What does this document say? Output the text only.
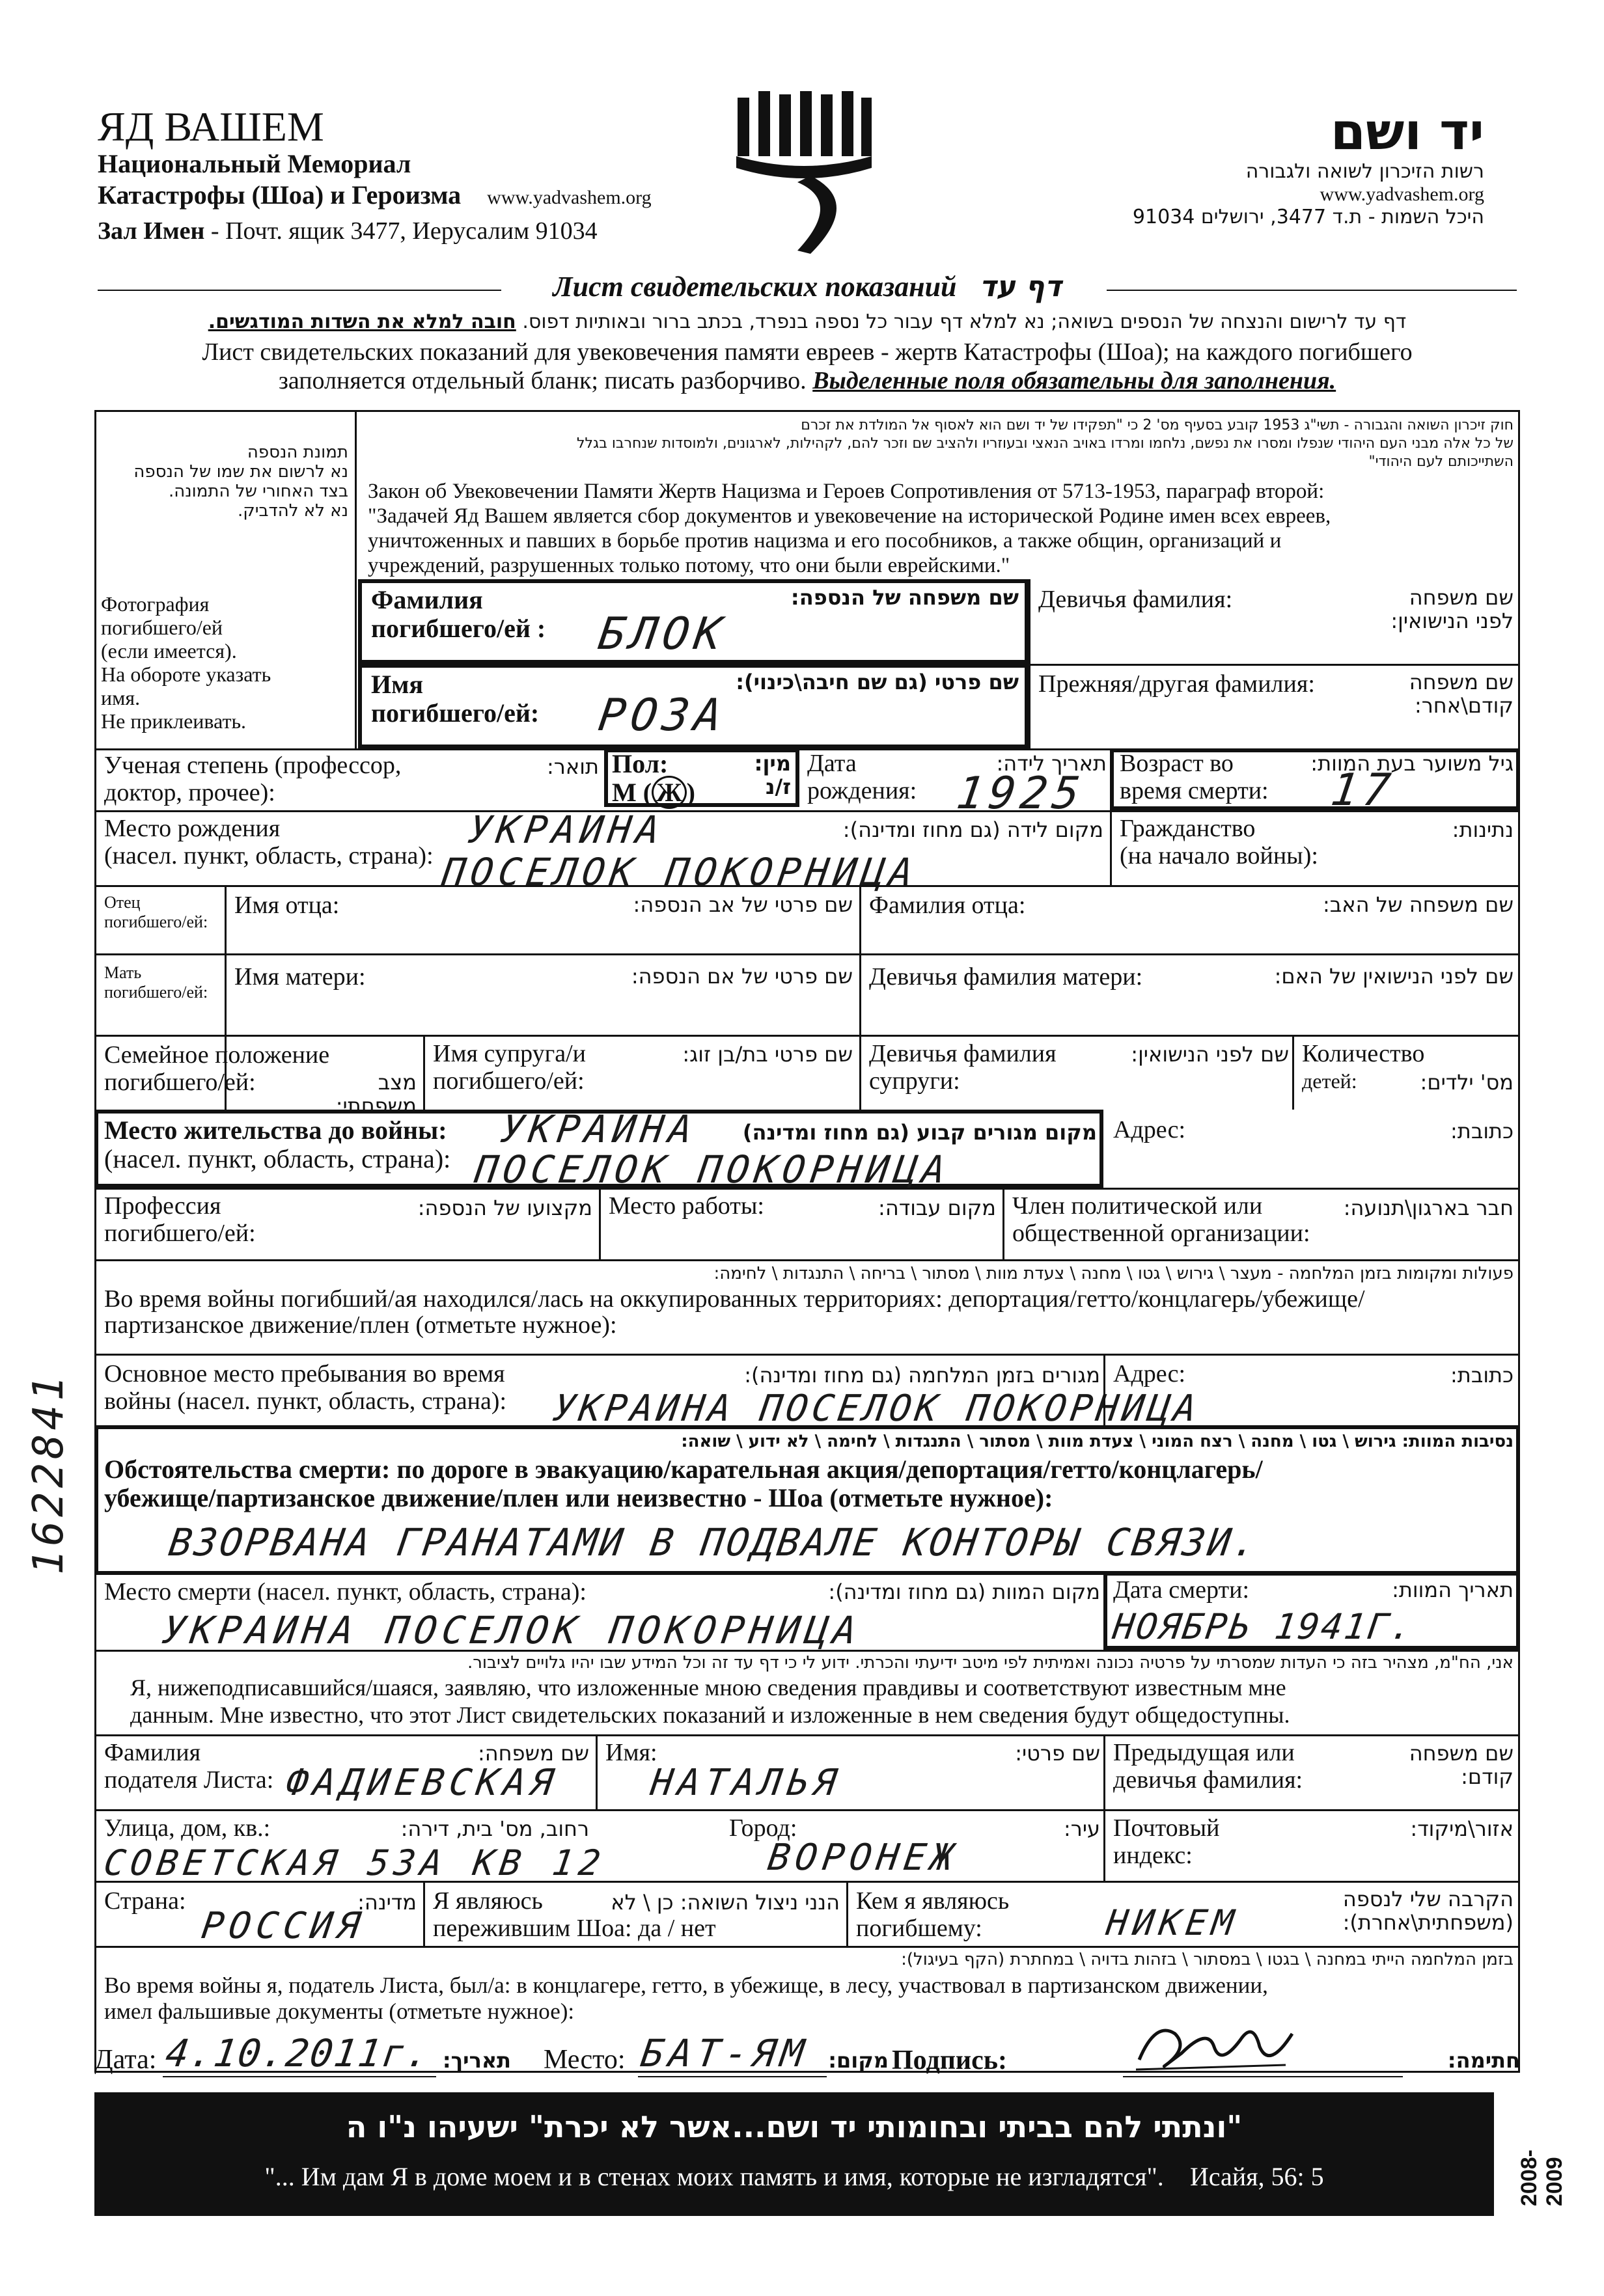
ЯД ВАШЕМ
Национальный Мемориал
Катастрофы (Шоа) и Героизма www.yadvashem.org
Зал Имен - Почт. ящик 3477, Иерусалим 91034
יד ושם
רשות הזיכרון לשואה ולגבורה
www.yadvashem.org
היכל השמות - ת.ד 3477, ירושלים 91034
Лист свидетельских показаний דף עד
דף עד לרישום והנצחה של הנספים בשואה; נא למלא דף עבור כל נספה בנפרד, בכתב ברור ובאותיות דפוס. חובה למלא את השדות המודגשים.
Лист свидетельских показаний для увековечения памяти евреев - жертв Катастрофы (Шоа); на каждого погибшего
заполняется отдельный бланк; писать разборчиво. Выделенные поля обязательны для заполнения.
תמונת הנספה
נא לרשום את שמו של הנספה
בצד האחורי של התמונה.
נא לא להדביק.
Фотография
погибшего/ей
(если имеется).
На обороте указать
имя.
Не приклеивать.
חוק זיכרון השואה והגבורה - תשי"ג 1953 קובע בסעיף מס' 2 כי "תפקידו של יד ושם הוא לאסוף אל המולדת את זכרם
של כל אלה מבני העם היהודי שנפלו ומסרו את נפשם, נלחמו ומרדו באויב הנאצי ובעוזריו ולהציב שם וזכר להם, לקהילות, לארגונים, ולמוסדות שנחרבו בגלל
השתייכותם לעם היהודי"
Закон об Увековечении Памяти Жертв Нацизма и Героев Сопротивления от 5713-1953, параграф второй:
"Задачей Яд Вашем является сбор документов и увековечение на исторической Родине имен всех евреев,
уничтоженных и павших в борьбе против нацизма и его пособников, а также общин, организаций и
учреждений, разрушенных только потому, что они были еврейскими."
Фамилия
погибшего/ей :
שם משפחה של הנספה:
БЛОК
Девичья фамилия:	שם משפחה
לפני הנישואין:
Имя
погибшего/ей:
שם פרטי (גם שם חיבה\כינוי):
РОЗА
Прежняя/другая фамилия:	שם משפחה
קודם\אחר:
Ученая степень (профессор,
доктор, прочее):
תואר: Пол:
М ( Ж )
מין:
ז/נ
Дата
рождения:
תאריך לידה:
1925
Возраст во
время смерти:
גיל משוער בעת המוות:
17
Место рождения
(насел. пункт, область, страна):
מקום לידה (גם מחוז ומדינה):
УКРАИНА
ПОСЕЛОК ПОКОРНИЦА
Гражданство
(на начало войны):
נתינות:
Отец погибшего/ей:
Имя отца:	שם פרטי של אב הנספה: Фамилия отца:	שם משפחה של האב:
Мать погибшего/ей:
Имя матери:	שם פרטי של אם הנספה: Девичья фамилия матери:	שם לפני הנישואין של האם:
Семейное положение
погибшего/ей:	מצב משפחתי:
Имя супруга/и
погибшего/ей:
שם פרטי בת/בן זוג: Девичья фамилия
супруги:
שם לפני הנישואין: Количество
детей:	מס' ילדים:
Место жительства до войны:
(насел. пункт, область, страна):
מקום מגורים קבוע (גם מחוז ומדינה)
УКРАИНА
ПОСЕЛОК ПОКОРНИЦА
Адрес:	כתובת:
Профессия
погибшего/ей:
מקצועו של הנספה: Место работы:	מקום עבודה: Член политической или
общественной организации:
חבר בארגון\תנועה:
פעולות ומקומות בזמן המלחמה - מעצר \ גירוש \ גטו \ מחנה \ צעדת מוות \ מסתור \ בריחה \ התנגדות \ לחימה:
Во время войны погибший/ая находился/лась на оккупированных территориях: депортация/гетто/концлагерь/убежище/
партизанское движение/плен (отметьте нужное):
Основное место пребывания во время
войны (насел. пункт, область, страна):
מגורים בזמן המלחמה (גם מחוז ומדינה):
УКРАИНА ПОСЕЛОК ПОКОРНИЦА
Адрес:	כתובת:
נסיבות המוות: גירוש \ גטו \ מחנה \ רצח המוני \ צעדת מוות \ מסתור \ התנגדות \ לחימה \ לא ידוע \ שואה:
Обстоятельства смерти: по дороге в эвакуацию/карательная акция/депортация/гетто/концлагерь/
убежище/партизанское движение/плен или неизвестно - Шоа (отметьте нужное):
ВЗОРВАНА ГРАНАТАМИ В ПОДВАЛЕ КОНТОРЫ СВЯЗИ.
Место смерти (насел. пункт, область, страна):	מקום המוות (גם מחוז ומדינה):
УКРАИНА ПОСЕЛОК ПОКОРНИЦА
Дата смерти:	תאריך המוות:
НОЯБРЬ 1941Г.
אני, הח"מ, מצהיר בזה כי העדות שמסרתי על פרטיה נכונה ואמיתית לפי מיטב ידיעתי והכרתי. ידוע לי כי דף עד זה וכל המידע שבו יהיו גלויים לציבור.
Я, нижеподписавшийся/шаяся, заявляю, что изложенные мною сведения правдивы и соответствуют известным мне
данным. Мне известно, что этот Лист свидетельских показаний и изложенные в нем сведения будут общедоступны.
Фамилия
подателя Листа:
שם משפחה:
ФАДИЕВСКАЯ
Имя:	שם פרטי:
НАТАЛЬЯ
Предыдущая или
девичья фамилия:
שם משפחה קודם:
Улица, дом, кв.:	רחוב, מס' בית, דירה:
СОВЕТСКАЯ 53А КВ 12
Город:	עיר:
ВОРОНЕЖ
Почтовый
индекс:
אזור\מיקוד:
Страна:	מדינה:
РОССИЯ
Я являюсь
пережившим Шоа: да / нет
הנני ניצול השואה: כן \ לא Кем я являюсь
погибшему:
הקרבה שלי לנספה
(משפחתית\אחרת):
НИКЕМ
בזמן המלחמה הייתי במחנה \ בגטו \ במסתור \ בזהות בדויה \ במחתרת (הקף בעיגול):
Во время войны я, податель Листа, был/а: в концлагере, гетто, в убежище, в лесу, участвовал в партизанском движении,
имел фальшивые документы (отметьте нужное):
Дата: 4.10.2011г. תאריך: Место: БАТ-ЯМ מקום: Подпись:	חתימה:
"ונתתי להם בביתי ובחומותי יד ושם...אשר לא יכרת" ישעיהו נ"ו ה
"... Им дам Я в доме моем и в стенах моих память и имя, которые не изгладятся". Исайя, 56: 5	2008-2009
1622841
